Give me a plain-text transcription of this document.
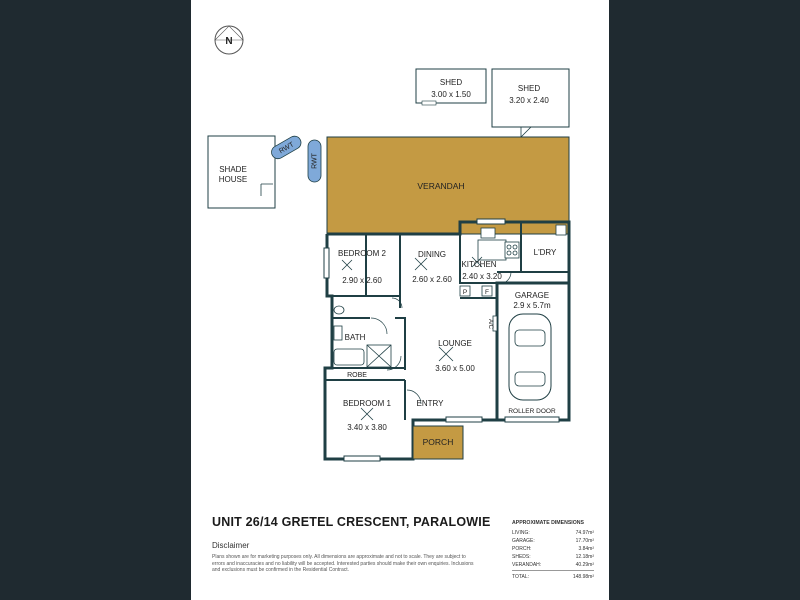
N
SHED
3.00 x 1.50
SHED
3.20 x 2.40
SHADE
HOUSE
RWT
RWT
VERANDAH
PORCH
BEDROOM 2
2.90 x 2.60
DINING
2.60 x 2.60
KITCHEN
2.40 x 3.20
L'DRY
P	F	GARAGE
2.9 x 5.7m
A/C
BATH
ROBE
LOUNGE
3.60 x 5.00
BEDROOM 1
3.40 x 3.80
ENTRY
ROLLER DOOR
UNIT 26/14 GRETEL CRESCENT, PARALOWIE
Disclaimer
Plans shown are for marketing purposes only. All dimensions are approximate and not to scale. They are subject to errors and inaccuracies and no liability will be accepted. Interested parties should make their own enquiries. Inclusions and exclusions must be confirmed in the Residential Contract.
APPROXIMATE DIMENSIONS
LIVING:	74.97m²
GARAGE:	17.70m²
PORCH:	3.84m²
SHEDS:	12.18m²
VERANDAH:	40.29m²
TOTAL:	148.98m²
